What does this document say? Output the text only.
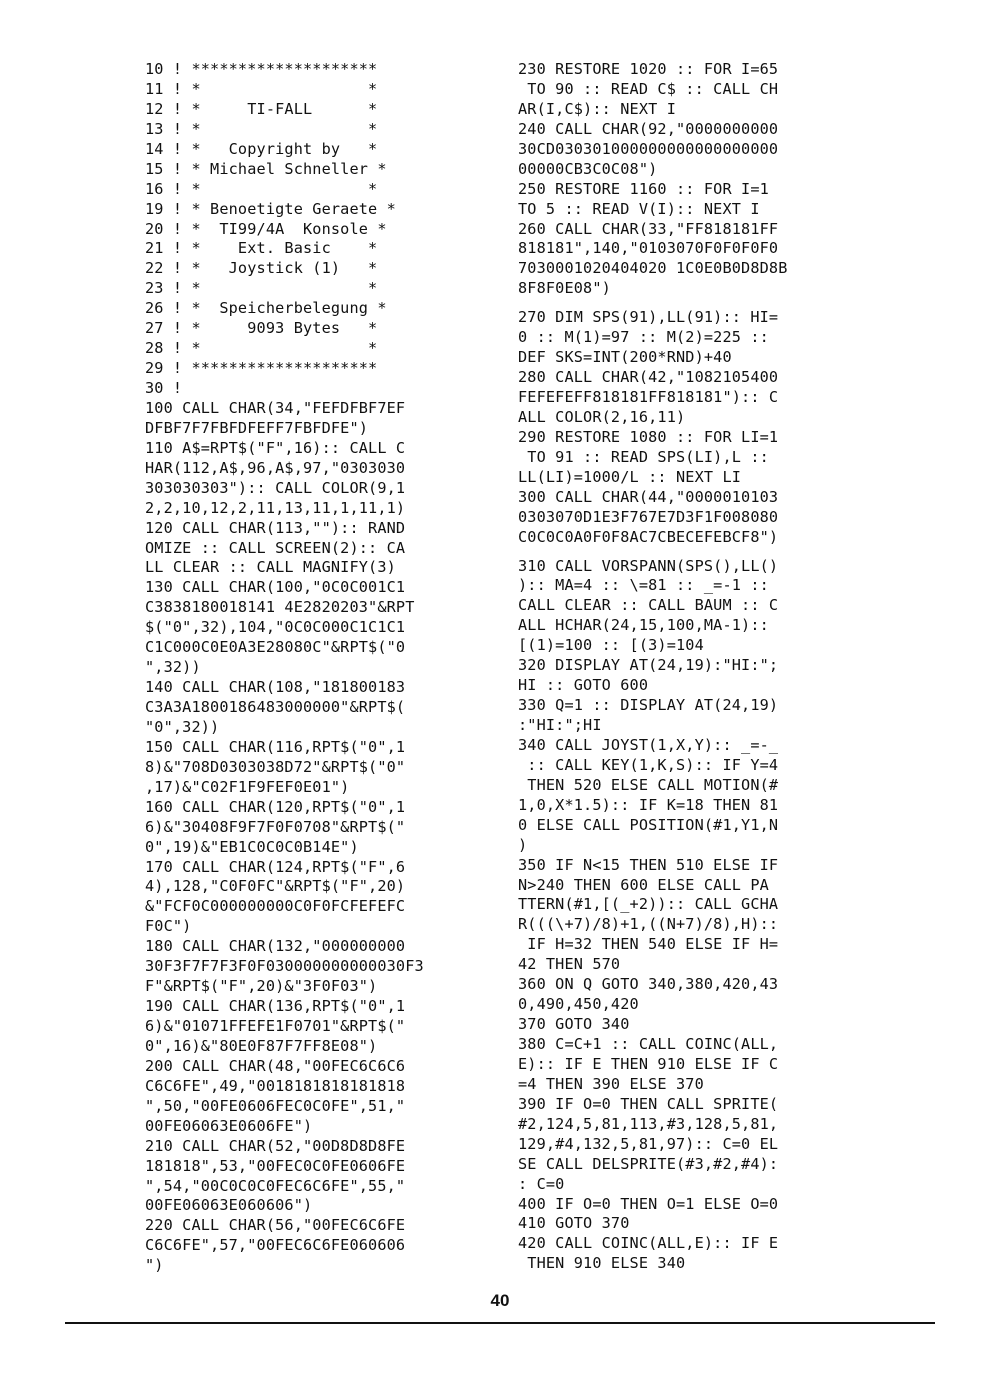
10 ! ********************
11 ! *                  *
12 ! *     TI-FALL      *
13 ! *                  *
14 ! *   Copyright by   *
15 ! * Michael Schneller *
16 ! *                  *
19 ! * Benoetigte Geraete *
20 ! *  TI99/4A  Konsole *
21 ! *    Ext. Basic    *
22 ! *   Joystick (1)   *
23 ! *                  *
26 ! *  Speicherbelegung *
27 ! *     9093 Bytes   *
28 ! *                  *
29 ! ********************
30 !
100 CALL CHAR(34,"FEFDFBF7EF
DFBF7F7FBFDFEFF7FBFDFE")
110 A$=RPT$("F",16):: CALL C
HAR(112,A$,96,A$,97,"0303030
303030303"):: CALL COLOR(9,1
2,2,10,12,2,11,13,11,1,11,1)
120 CALL CHAR(113,""):: RAND
OMIZE :: CALL SCREEN(2):: CA
LL CLEAR :: CALL MAGNIFY(3)
130 CALL CHAR(100,"0C0C001C1
C3838180018141 4E2820203"&RPT
$("0",32),104,"0C0C000C1C1C1
C1C000C0E0A3E28080C"&RPT$("0
",32))
140 CALL CHAR(108,"181800183
C3A3A1800186483000000"&RPT$(
"0",32))
150 CALL CHAR(116,RPT$("0",1
8)&"708D0303038D72"&RPT$("0"
,17)&"C02F1F9FEF0E01")
160 CALL CHAR(120,RPT$("0",1
6)&"30408F9F7F0F0708"&RPT$("
0",19)&"EB1C0C0C0B14E")
170 CALL CHAR(124,RPT$("F",6
4),128,"C0F0FC"&RPT$("F",20)
&"FCF0C000000000C0F0FCFEFEFC
F0C")
180 CALL CHAR(132,"000000000
30F3F7F7F3F0F030000000000030F3
F"&RPT$("F",20)&"3F0F03")
190 CALL CHAR(136,RPT$("0",1
6)&"01071FFEFE1F0701"&RPT$("
0",16)&"80E0F87F7FF8E08")
200 CALL CHAR(48,"00FEC6C6C6
C6C6FE",49,"0018181818181818
",50,"00FE0606FEC0C0FE",51,"
00FE06063E0606FE")
210 CALL CHAR(52,"00D8D8D8FE
181818",53,"00FEC0C0FE0606FE
",54,"00C0C0C0FEC6C6FE",55,"
00FE06063E060606")
220 CALL CHAR(56,"00FEC6C6FE
C6C6FE",57,"00FEC6C6FE060606
")
230 RESTORE 1020 :: FOR I=65
TO 90 :: READ C$ :: CALL CH
AR(I,C$):: NEXT I
240 CALL CHAR(92,"0000000000
30CD030301000000000000000000
00000CB3C0C08")
250 RESTORE 1160 :: FOR I=1
TO 5 :: READ V(I):: NEXT I
260 CALL CHAR(33,"FF818181FF
818181",140,"0103070F0F0F0F0
7030001020404020 1C0E0B0D8D8B
8F8F0E08")
270 DIM SPS(91),LL(91):: HI=
0 :: M(1)=97 :: M(2)=225 ::
DEF SKS=INT(200*RND)+40
280 CALL CHAR(42,"1082105400
FEFEFEFF818181FF818181"):: C
ALL COLOR(2,16,11)
290 RESTORE 1080 :: FOR LI=1
TO 91 :: READ SPS(LI),L ::
LL(LI)=1000/L :: NEXT LI
300 CALL CHAR(44,"0000010103
0303070D1E3F767E7D3F1F008080
C0C0C0A0F0F8AC7CBECEFEBCF8")
310 CALL VORSPANN(SPS(),LL()
):: MA=4 :: \=81 :: _=-1 ::
CALL CLEAR :: CALL BAUM :: C
ALL HCHAR(24,15,100,MA-1)::
[(1)=100 :: [(3)=104
320 DISPLAY AT(24,19):"HI:";
HI :: GOTO 600
330 Q=1 :: DISPLAY AT(24,19)
:"HI:";HI
340 CALL JOYST(1,X,Y):: _=-_
:: CALL KEY(1,K,S):: IF Y=4
THEN 520 ELSE CALL MOTION(#
1,0,X*1.5):: IF K=18 THEN 81
0 ELSE CALL POSITION(#1,Y1,N
)
350 IF N<15 THEN 510 ELSE IF
N>240 THEN 600 ELSE CALL PA
TTERN(#1,[(_+2)):: CALL GCHA
R(((\+7)/8)+1,((N+7)/8),H)::
IF H=32 THEN 540 ELSE IF H=
42 THEN 570
360 ON Q GOTO 340,380,420,43
0,490,450,420
370 GOTO 340
380 C=C+1 :: CALL COINC(ALL,
E):: IF E THEN 910 ELSE IF C
=4 THEN 390 ELSE 370
390 IF O=0 THEN CALL SPRITE(
#2,124,5,81,113,#3,128,5,81,
129,#4,132,5,81,97):: C=0 EL
SE CALL DELSPRITE(#3,#2,#4):
: C=0
400 IF O=0 THEN O=1 ELSE O=0
410 GOTO 370
420 CALL COINC(ALL,E):: IF E
THEN 910 ELSE 340
40
